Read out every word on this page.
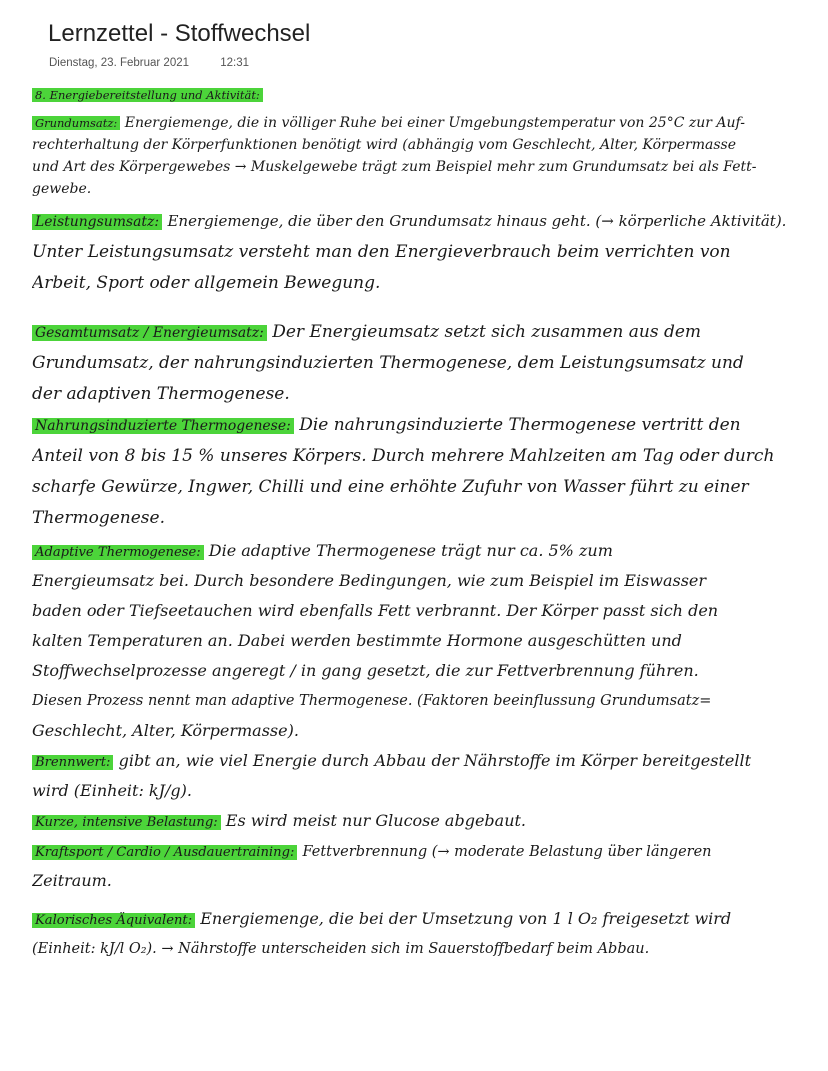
Lernzettel - Stoffwechsel
Dienstag, 23. Februar 2021	12:31
8. Energiebereitstellung und Aktivität:
Grundumsatz: Energiemenge, die in völliger Ruhe bei einer Umgebungstemperatur von 25°C zur Auf-
rechterhaltung der Körperfunktionen benötigt wird (abhängig vom Geschlecht, Alter, Körpermasse
und Art des Körpergewebes → Muskelgewebe trägt zum Beispiel mehr zum Grundumsatz bei als Fett-
gewebe.
Leistungsumsatz: Energiemenge, die über den Grundumsatz hinaus geht. (→ körperliche Aktivität).
Unter Leistungsumsatz versteht man den Energieverbrauch beim verrichten von
Arbeit, Sport oder allgemein Bewegung.
Gesamtumsatz / Energieumsatz: Der Energieumsatz setzt sich zusammen aus dem
Grundumsatz, der nahrungsinduzierten Thermogenese, dem Leistungsumsatz und
der adaptiven Thermogenese.
Nahrungsinduzierte Thermogenese: Die nahrungsinduzierte Thermogenese vertritt den
Anteil von 8 bis 15 % unseres Körpers. Durch mehrere Mahlzeiten am Tag oder durch
scharfe Gewürze, Ingwer, Chilli und eine erhöhte Zufuhr von Wasser führt zu einer
Thermogenese.
Adaptive Thermogenese: Die adaptive Thermogenese trägt nur ca. 5% zum
Energieumsatz bei. Durch besondere Bedingungen, wie zum Beispiel im Eiswasser
baden oder Tiefseetauchen wird ebenfalls Fett verbrannt. Der Körper passt sich den
kalten Temperaturen an. Dabei werden bestimmte Hormone ausgeschütten und
Stoffwechselprozesse angeregt / in gang gesetzt, die zur Fettverbrennung führen.
Diesen Prozess nennt man adaptive Thermogenese. (Faktoren beeinflussung Grundumsatz=
Geschlecht, Alter, Körpermasse).
Brennwert: gibt an, wie viel Energie durch Abbau der Nährstoffe im Körper bereitgestellt
wird (Einheit: kJ/g).
Kurze, intensive Belastung: Es wird meist nur Glucose abgebaut.
Kraftsport / Cardio / Ausdauertraining: Fettverbrennung (→ moderate Belastung über längeren
Zeitraum.
Kalorisches Äquivalent: Energiemenge, die bei der Umsetzung von 1 l O₂ freigesetzt wird
(Einheit: kJ/l O₂). → Nährstoffe unterscheiden sich im Sauerstoffbedarf beim Abbau.
